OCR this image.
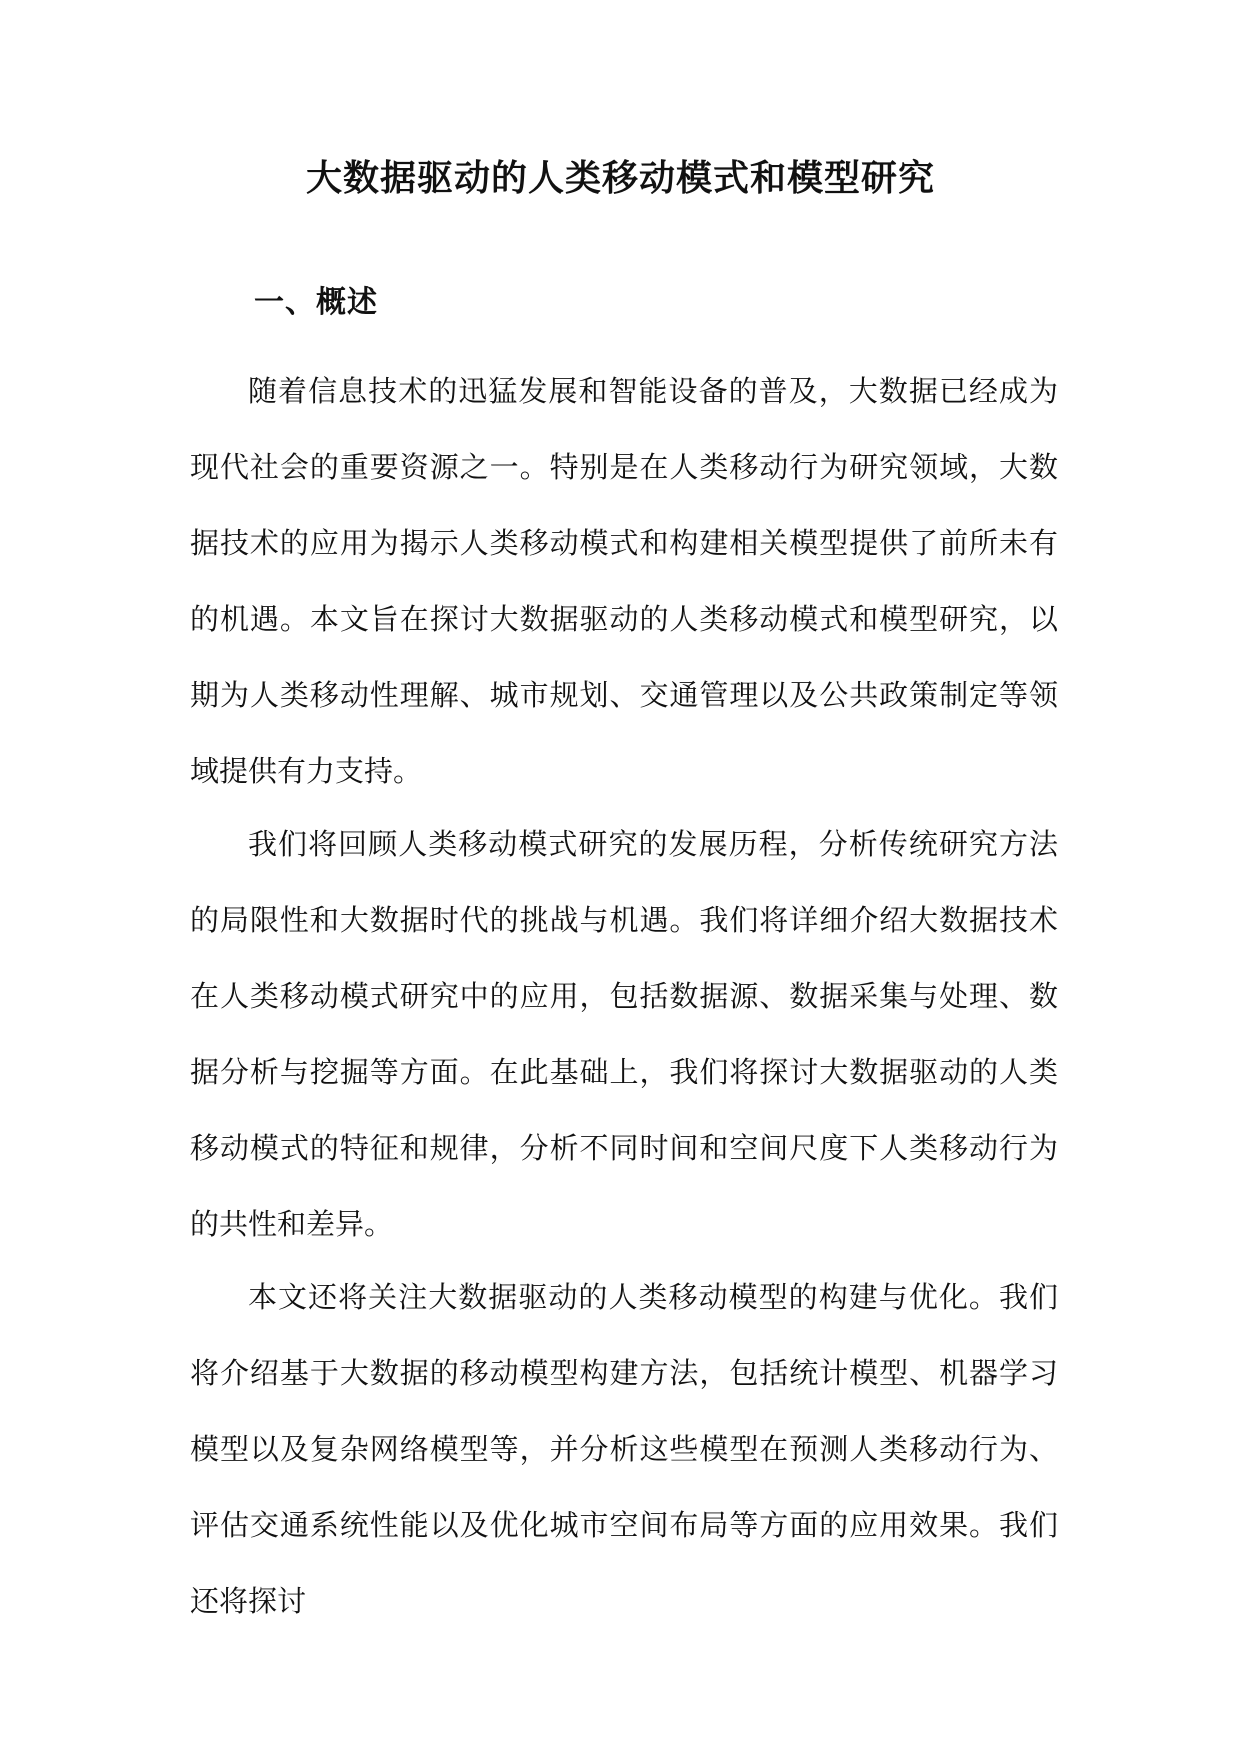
大数据驱动的人类移动模式和模型研究
一、概述

随着信息技术的迅猛发展和智能设备的普及，大数据已经成为现代社会的重要资源之一。特别是在人类移动行为研究领域，大数据技术的应用为揭示人类移动模式和构建相关模型提供了前所未有的机遇。本文旨在探讨大数据驱动的人类移动模式和模型研究，以期为人类移动性理解、城市规划、交通管理以及公共政策制定等领域提供有力支持。

我们将回顾人类移动模式研究的发展历程，分析传统研究方法的局限性和大数据时代的挑战与机遇。我们将详细介绍大数据技术在人类移动模式研究中的应用，包括数据源、数据采集与处理、数据分析与挖掘等方面。在此基础上，我们将探讨大数据驱动的人类移动模式的特征和规律，分析不同时间和空间尺度下人类移动行为的共性和差异。

本文还将关注大数据驱动的人类移动模型的构建与优化。我们将介绍基于大数据的移动模型构建方法，包括统计模型、机器学习模型以及复杂网络模型等，并分析这些模型在预测人类移动行为、评估交通系统性能以及优化城市空间布局等方面的应用效果。我们还将探讨
